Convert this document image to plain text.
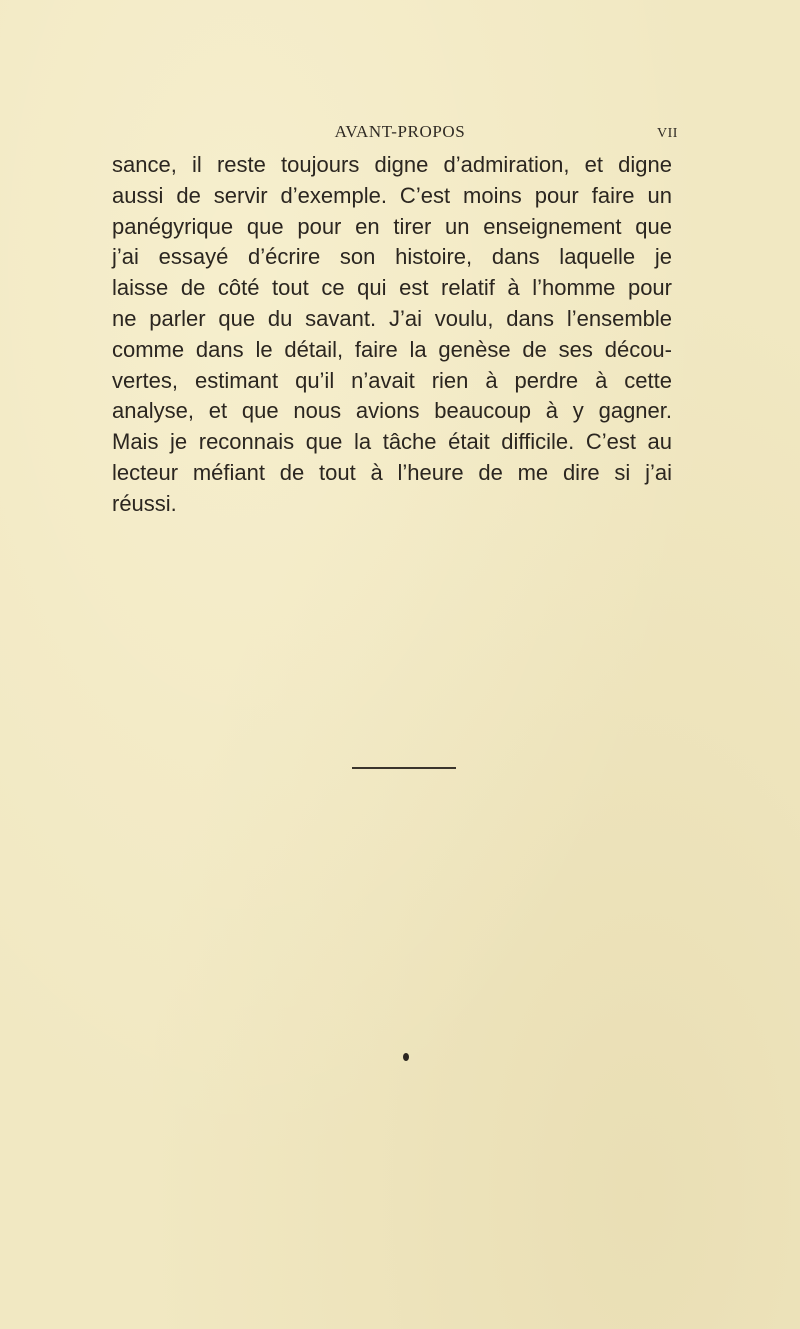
AVANT-PROPOS	VII
sance, il reste toujours digne d’admiration, et digne
aussi de servir d’exemple. C’est moins pour faire un
panégyrique que pour en tirer un enseignement que
j’ai essayé d’écrire son histoire, dans laquelle je
laisse de côté tout ce qui est relatif à l’homme pour
ne parler que du savant. J’ai voulu, dans l’ensemble
comme dans le détail, faire la genèse de ses décou-
vertes, estimant qu’il n’avait rien à perdre à cette
analyse, et que nous avions beaucoup à y gagner.
Mais je reconnais que la tâche était difficile. C’est au
lecteur méfiant de tout à l’heure de me dire si j’ai
réussi.
